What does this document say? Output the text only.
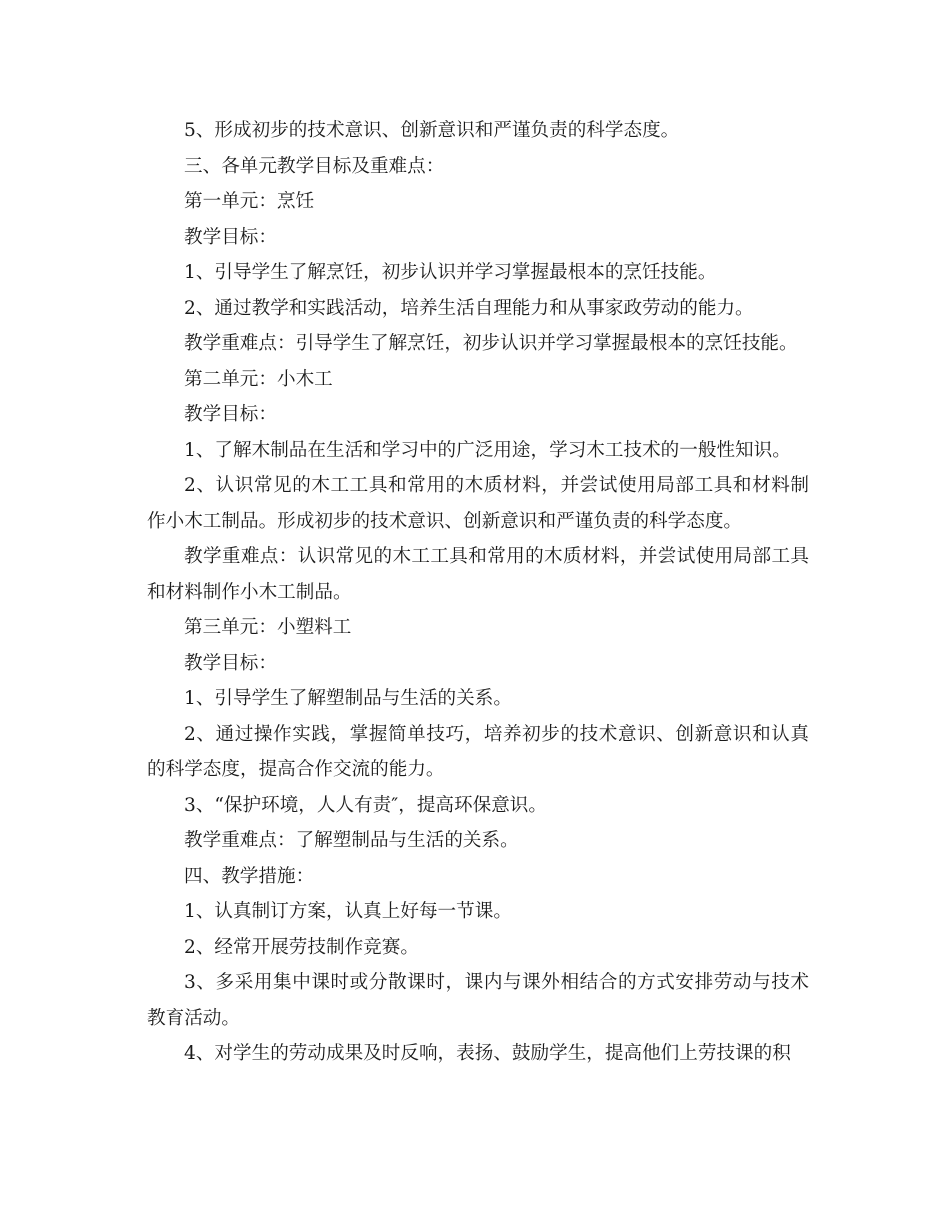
5、形成初步的技术意识、创新意识和严谨负责的科学态度。

三、各单元教学目标及重难点：

第一单元：烹饪

教学目标：

1、引导学生了解烹饪，初步认识并学习掌握最根本的烹饪技能。

2、通过教学和实践活动，培养生活自理能力和从事家政劳动的能力。

教学重难点：引导学生了解烹饪，初步认识并学习掌握最根本的烹饪技能。

第二单元：小木工

教学目标：

1、了解木制品在生活和学习中的广泛用途，学习木工技术的一般性知识。

2、认识常见的木工工具和常用的木质材料，并尝试使用局部工具和材料制作小木工制品。形成初步的技术意识、创新意识和严谨负责的科学态度。

教学重难点：认识常见的木工工具和常用的木质材料，并尝试使用局部工具和材料制作小木工制品。

第三单元：小塑料工

教学目标：

1、引导学生了解塑制品与生活的关系。

2、通过操作实践，掌握简单技巧，培养初步的技术意识、创新意识和认真的科学态度，提高合作交流的能力。

3、“保护环境，人人有责″，提高环保意识。

教学重难点：了解塑制品与生活的关系。

四、教学措施：

1、认真制订方案，认真上好每一节课。

2、经常开展劳技制作竞赛。

3、多采用集中课时或分散课时，课内与课外相结合的方式安排劳动与技术教育活动。

4、对学生的劳动成果及时反响，表扬、鼓励学生，提高他们上劳技课的积
